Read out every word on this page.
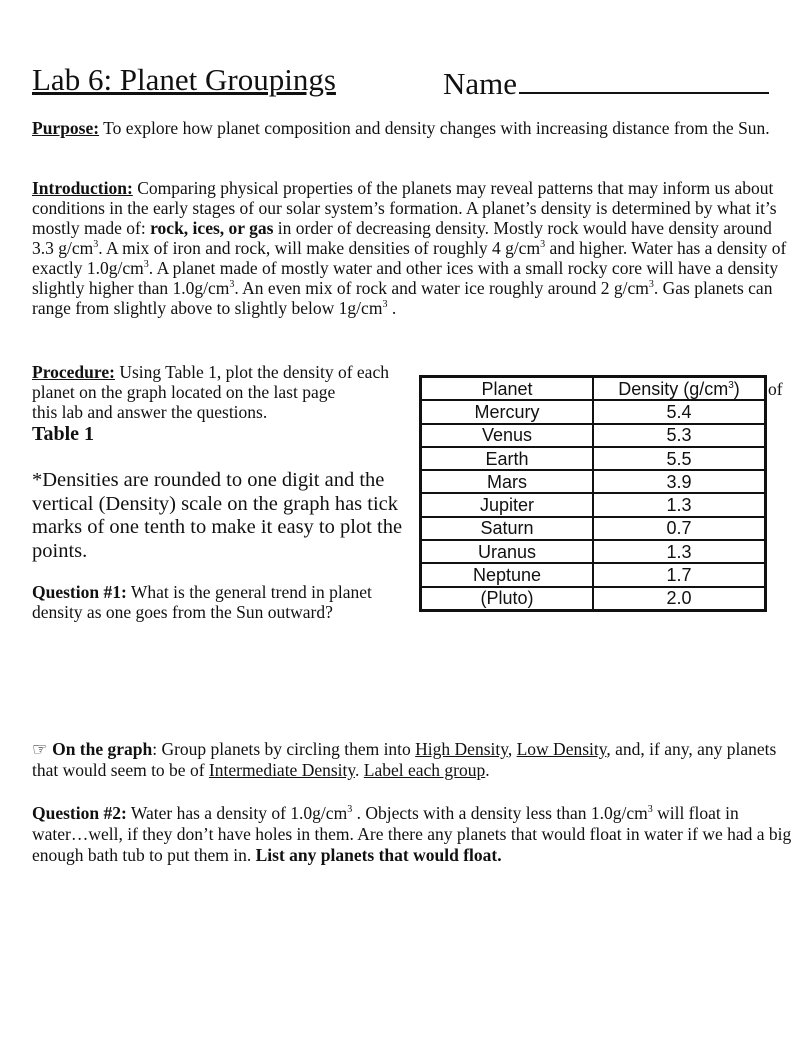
Lab 6: Planet Groupings	Name
Purpose: To explore how planet composition and density changes with increasing distance from the Sun.
Introduction: Comparing physical properties of the planets may reveal patterns that may inform us about conditions in the early stages of our solar system’s formation. A planet’s density is determined by what it’s mostly made of: rock, ices, or gas in order of decreasing density. Mostly rock would have density around 3.3 $g/cm^3$. A mix of iron and rock, will make densities of roughly 4 $g/cm^3$ and higher. Water has a density of exactly $1.0g/cm^3$. A planet made of mostly water and other ices with a small rocky core will have a density slightly higher than $1.0g/cm^3$. An even mix of rock and water ice roughly around 2 $g/cm^3$. Gas planets can range from slightly above to slightly below $1g/cm^3$ .
Procedure: Using Table 1, plot the density of each planet on the graph located on the last page
this lab and answer the questions.
of
Table 1
Planet	Density $(g/cm^3)$
Mercury	5.4
Venus	5.3
Earth	5.5
Mars	3.9
Jupiter	1.3
Saturn	0.7
Uranus	1.3
Neptune	1.7
(Pluto)	2.0
*Densities are rounded to one digit and the vertical (Density) scale on the graph has tick marks of one tenth to make it easy to plot the points.
Question #1: What is the general trend in planet density as one goes from the Sun outward?
☞ On the graph: Group planets by circling them into High Density, Low Density, and, if any, any planets that would seem to be of Intermediate Density. Label each group.
Question #2: Water has a density of $1.0g/cm^3$ . Objects with a density less than $1.0g/cm^3$ will float in water…well, if they don’t have holes in them. Are there any planets that would float in water if we had a big enough bath tub to put them in. List any planets that would float.
